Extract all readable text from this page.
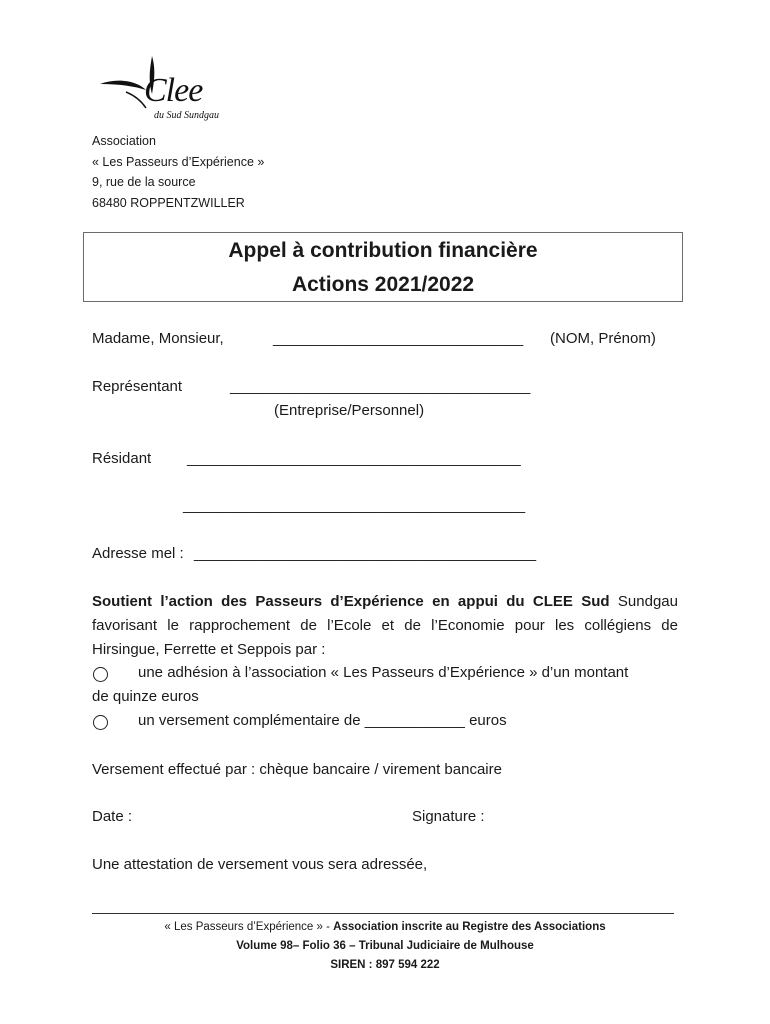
Clee
du Sud Sundgau
Association
« Les Passeurs d’Expérience »
9, rue de la source
68480 ROPPENTZWILLER
Appel à contribution financière
Actions 2021/2022
Madame, Monsieur,	______________________________ (NOM, Prénom)
Représentant	____________________________________
(Entreprise/Personnel)
Résidant ________________________________________
_________________________________________
Adresse mel : _________________________________________
Soutient l’action des Passeurs d’Expérience en appui du CLEE Sud Sundgau favorisant le rapprochement de l’Ecole et de l’Economie pour les collégiens de Hirsingue, Ferrette et Seppois par :
une adhésion à l’association « Les Passeurs d’Expérience » d’un montant
de quinze euros
un versement complémentaire de ____________ euros
Versement effectué par : chèque bancaire / virement bancaire
Date :	Signature :
Une attestation de versement vous sera adressée,
« Les Passeurs d’Expérience » - Association inscrite au Registre des Associations
Volume 98– Folio 36 – Tribunal Judiciaire de Mulhouse
SIREN : 897 594 222
